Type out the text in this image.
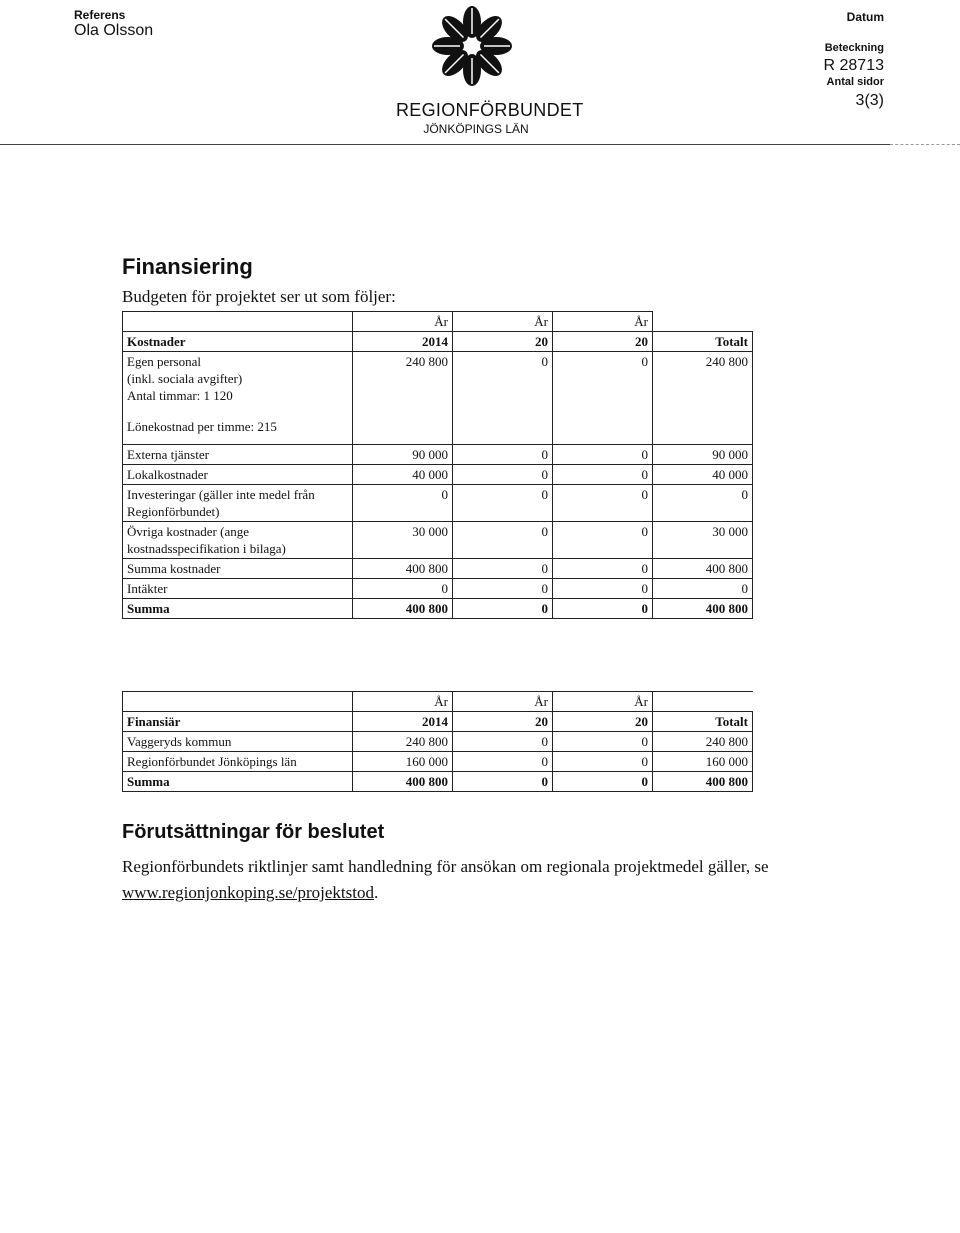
Referens
Ola Olsson
REGIONFÖRBUNDET
JÖNKÖPINGS LÄN
Datum
Beteckning
R 28713
Antal sidor
3(3)
Finansiering
Budgeten för projektet ser ut som följer:
	År	År	År	
Kostnader	2014	20	20	Totalt

Egen personal
(inkl. sociala avgifter)
Antal timmar: 1 120
Lönekostnad per timme: 215	240 800	0	0	240 800
Externa tjänster	90 000	0	0	90 000
Lokalkostnader	40 000	0	0	40 000
Investeringar (gäller inte medel från Regionförbundet)	0	0	0	0
Övriga kostnader (ange kostnadsspecifikation i bilaga)	30 000	0	0	30 000
Summa kostnader	400 800	0	0	400 800
Intäkter	0	0	0	0
Summa	400 800	0	0	400 800
	År	År	År	
Finansiär	2014	20	20	Totalt
Vaggeryds kommun	240 800	0	0	240 800
Regionförbundet Jönköpings län	160 000	0	0	160 000
Summa	400 800	0	0	400 800
Förutsättningar för beslutet
Regionförbundets riktlinjer samt handledning för ansökan om regionala projektmedel gäller, se www.regionjonkoping.se/projektstod.
